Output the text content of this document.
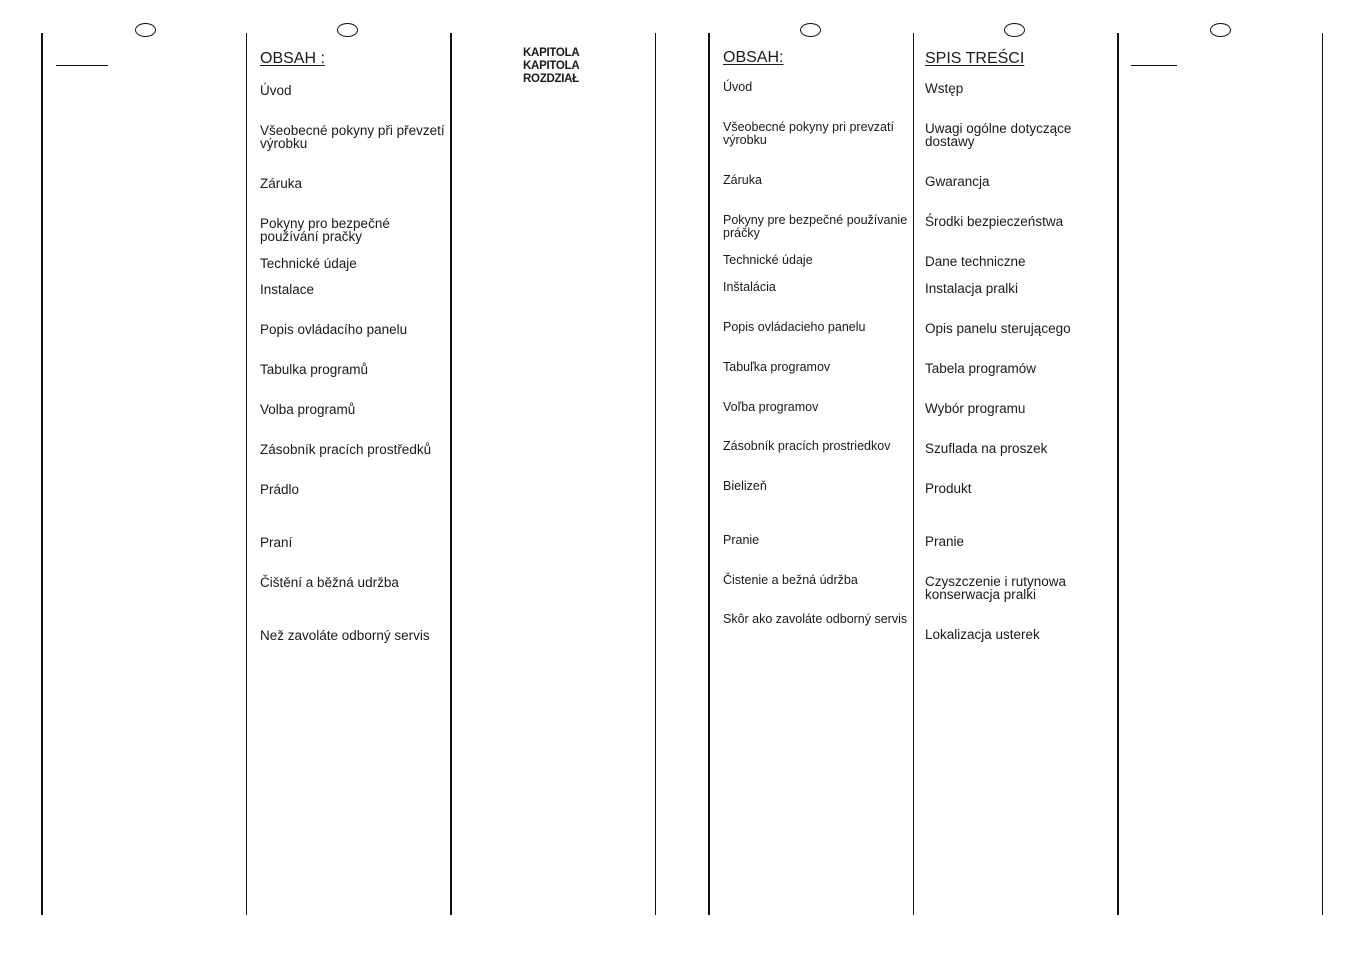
KAPITOLA
KAPITOLA
ROZDZIAŁ
OBSAH :
Úvod
Všeobecné pokyny při převzetí výrobku
Záruka
Pokyny pro bezpečné používání pračky
Technické údaje
Instalace
Popis ovládacího panelu
Tabulka programů
Volba programů
Zásobník pracích prostředků
Prádlo
Praní
Čištění a běžná udržba
Než zavoláte odborný servis
OBSAH:
Úvod
Všeobecné pokyny pri prevzatí výrobku
Záruka
Pokyny pre bezpečné používanie práčky
Technické údaje
Inštalácia
Popis ovládacieho panelu
Tabuľka programov
Voľba programov
Zásobník pracích prostriedkov
Bielizeň
Pranie
Čistenie a bežná údržba
Skôr ako zavoláte odborný servis
SPIS TREŚCI
Wstęp
Uwagi ogólne dotyczące dostawy
Gwarancja
Środki bezpieczeństwa
Dane techniczne
Instalacja pralki
Opis panelu sterującego
Tabela programów
Wybór programu
Szuflada na proszek
Produkt
Pranie
Czyszczenie i rutynowa konserwacja pralki
Lokalizacja usterek
